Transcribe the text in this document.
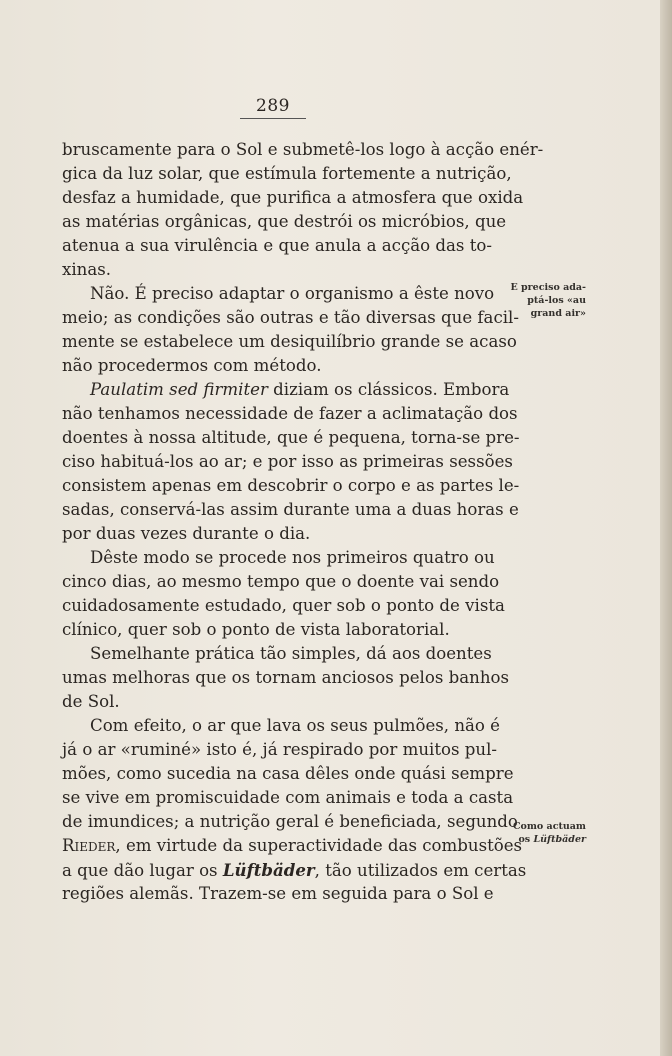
289

bruscamente para o Sol e submetê-los logo à acção enér-

gica da luz solar, que estímula fortemente a nutrição,

desfaz a humidade, que purifica a atmosfera que oxida

as matérias orgânicas, que destrói os micróbios, que

atenua a sua virulência e que anula a acção das to-

xinas.

Não. É preciso adaptar o organismo a êste novo

meio; as condições são outras e tão diversas que facil-

mente se estabelece um desiquilíbrio grande se acaso

não procedermos com método.

Paulatim sed firmiter diziam os clássicos. Embora

não tenhamos necessidade de fazer a aclimatação dos

doentes à nossa altitude, que é pequena, torna-se pre-

ciso habituá-los ao ar; e por isso as primeiras sessões

consistem apenas em descobrir o corpo e as partes le-

sadas, conservá-las assim durante uma a duas horas e

por duas vezes durante o dia.

Dêste modo se procede nos primeiros quatro ou

cinco dias, ao mesmo tempo que o doente vai sendo

cuidadosamente estudado, quer sob o ponto de vista

clínico, quer sob o ponto de vista laboratorial.

Semelhante prática tão simples, dá aos doentes

umas melhoras que os tornam anciosos pelos banhos

de Sol.

Com efeito, o ar que lava os seus pulmões, não é

já o ar «ruminé» isto é, já respirado por muitos pul-

mões, como sucedia na casa dêles onde quási sempre

se vive em promiscuidade com animais e toda a casta

de imundices; a nutrição geral é beneficiada, segundo

Rieder, em virtude da superactividade das combustões

a que dão lugar os Lüftbäder, tão utilizados em certas

regiões alemãs. Trazem-se em seguida para o Sol e

E preciso ada-
ptá-los «au
grand air»
Como actuam
os Lüftbäder
